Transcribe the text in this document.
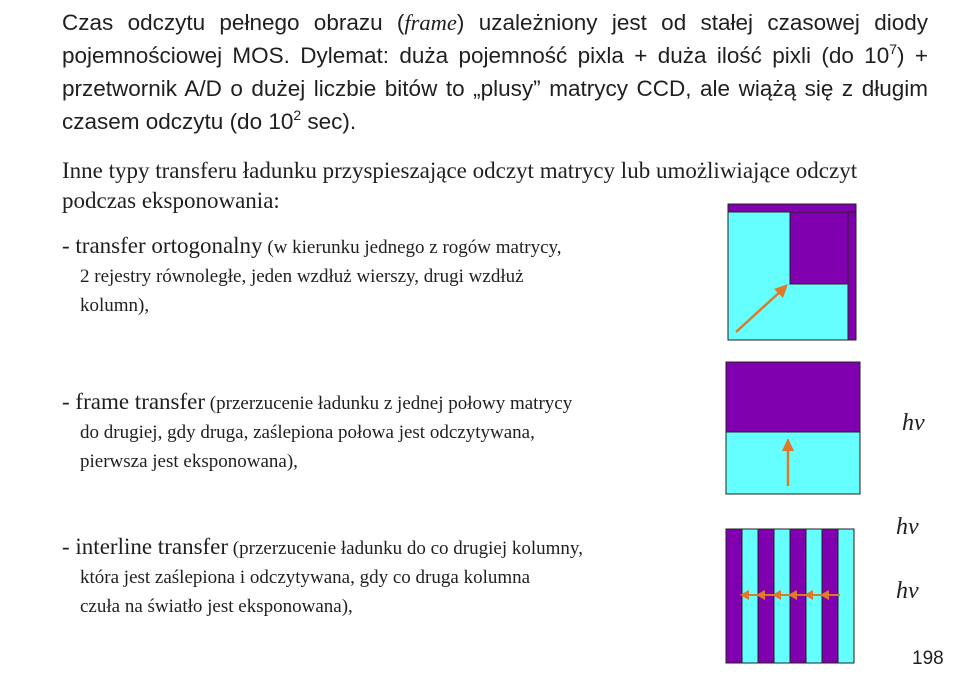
Czas odczytu pełnego obrazu (frame) uzależniony jest od stałej czasowej diody pojemnościowej MOS. Dylemat: duża pojemność pixla + duża ilość pixli (do $10^7$) + przetwornik A/D o dużej liczbie bitów to „plusy” matrycy CCD, ale wiążą się z długim czasem odczytu (do $10^2$ sec).
Inne typy transferu ładunku przyspieszające odczyt matrycy lub umożliwiające odczyt podczas eksponowania:
- transfer ortogonalny (w kierunku jednego z rogów matrycy,
2 rejestry równoległe, jeden wzdłuż wierszy, drugi wzdłuż
kolumn),
- frame transfer (przerzucenie ładunku z jednej połowy matrycy
do drugiej, gdy druga, zaślepiona połowa jest odczytywana,
pierwsza jest eksponowana),
- interline transfer (przerzucenie ładunku do co drugiej kolumny,
która jest zaślepiona i odczytywana, gdy co druga kolumna
czuła na światło jest eksponowana),
hv
hv
hv
198
